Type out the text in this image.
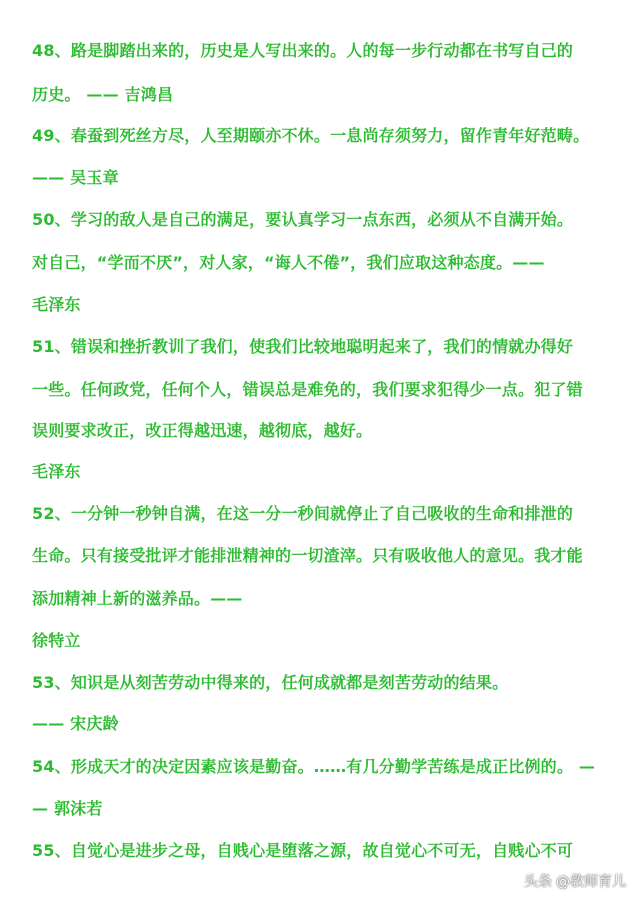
48、路是脚踏出来的，历史是人写出来的。人的每一步行动都在书写自己的
历史。 —— 吉鸿昌
49、春蚕到死丝方尽，人至期颐亦不休。一息尚存须努力，留作青年好范畴。
—— 吴玉章
50、学习的敌人是自己的满足，要认真学习一点东西，必须从不自满开始。
对自己，“学而不厌”，对人家，“诲人不倦”，我们应取这种态度。——
毛泽东
51、错误和挫折教训了我们，使我们比较地聪明起来了，我们的情就办得好
一些。任何政党，任何个人，错误总是难免的，我们要求犯得少一点。犯了错
误则要求改正，改正得越迅速，越彻底，越好。
毛泽东
52、一分钟一秒钟自满，在这一分一秒间就停止了自己吸收的生命和排泄的
生命。只有接受批评才能排泄精神的一切渣滓。只有吸收他人的意见。我才能
添加精神上新的滋养品。——
徐特立
53、知识是从刻苦劳动中得来的，任何成就都是刻苦劳动的结果。
—— 宋庆龄
54、形成天才的决定因素应该是勤奋。……有几分勤学苦练是成正比例的。 —
— 郭沫若
55、自觉心是进步之母，自贱心是堕落之源，故自觉心不可无，自贱心不可
头条 @教师育儿
